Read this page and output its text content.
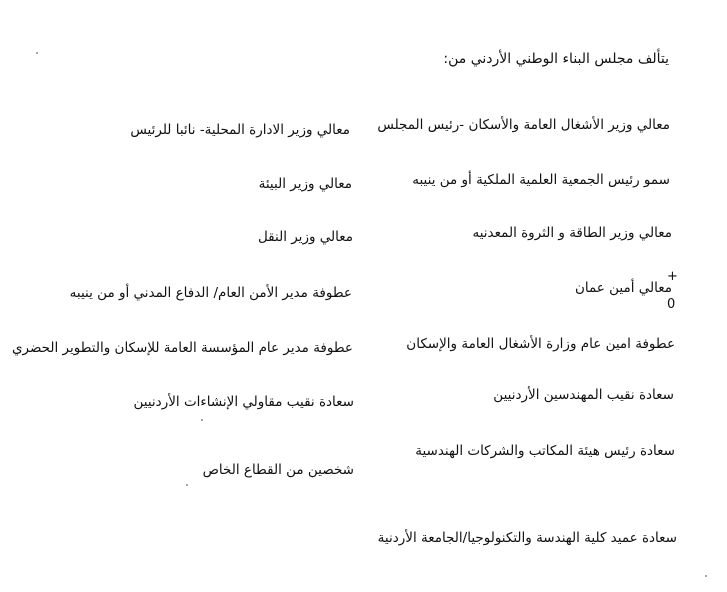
يتألف مجلس البناء الوطني الأردني من:
معالي وزير الأشغال العامة والأسكان -رئيس المجلس
سمو رئيس الجمعية العلمية الملكية أو من ينيبه
معالي وزير الطاقة و الثروة المعدنيه
معالي أمين عمان
عطوفة امين عام وزارة الأشغال العامة والإسكان
سعادة نقيب المهندسين الأردنيين
سعادة رئيس هيئة المكاتب والشركات الهندسية
معالي وزير الادارة المحلية- نائبا للرئيس
معالي وزير البيئة
معالي وزير النقل
عطوفة مدير الأمن العام/ الدفاع المدني أو من ينيبه
عطوفة مدير عام المؤسسة العامة للإسكان والتطوير الحضري
سعادة نقيب مقاولي الإنشاءات الأردنيين
شخصين من القطاع الخاص
سعادة عميد كلية الهندسة والتكنولوجيا/الجامعة الأردنية
+
0
